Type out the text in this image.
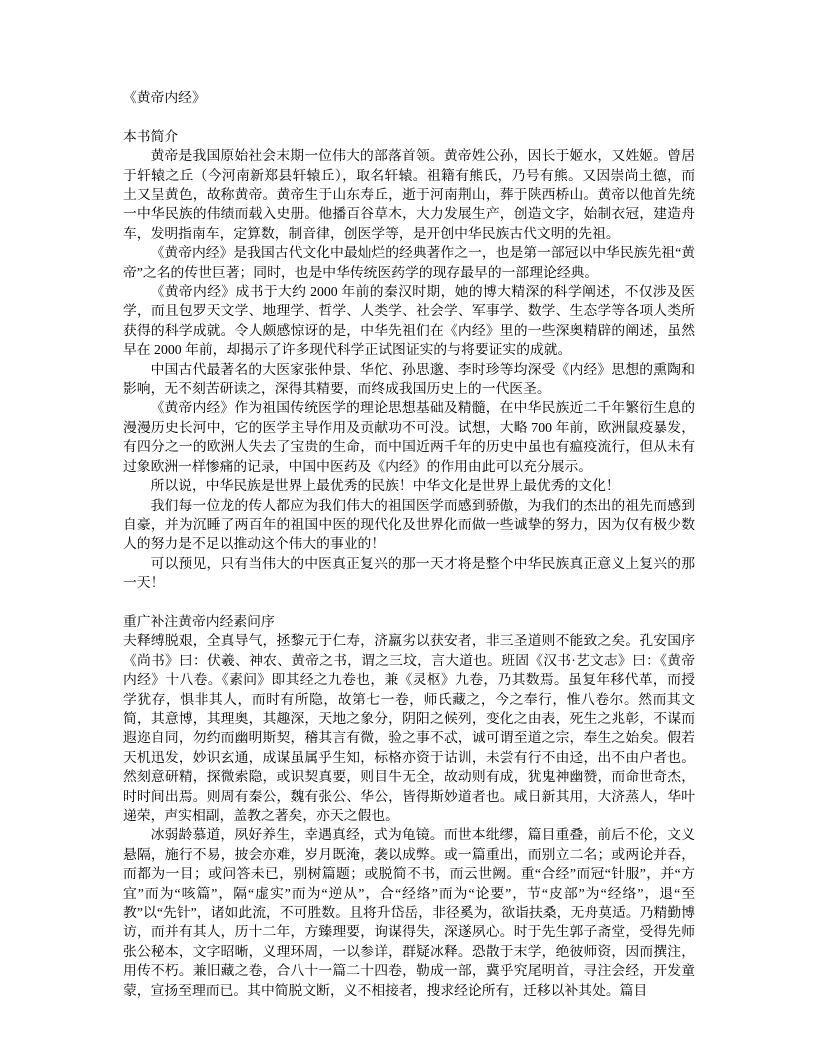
《黄帝内经》

本书简介

黄帝是我国原始社会末期一位伟大的部落首领。黄帝姓公孙，因长于姬水，又姓姬。曾居于轩辕之丘（今河南新郑县轩辕丘），取名轩辕。祖籍有熊氏，乃号有熊。又因崇尚土德，而土又呈黄色，故称黄帝。黄帝生于山东寿丘，逝于河南荆山，葬于陕西桥山。黄帝以他首先统一中华民族的伟绩而载入史册。他播百谷草木，大力发展生产，创造文字，始制衣冠，建造舟车，发明指南车，定算数，制音律，创医学等，是开创中华民族古代文明的先祖。

《黄帝内经》是我国古代文化中最灿烂的经典著作之一，也是第一部冠以中华民族先祖“黄帝”之名的传世巨著；同时，也是中华传统医药学的现存最早的一部理论经典。

《黄帝内经》成书于大约 2000 年前的秦汉时期，她的博大精深的科学阐述，不仅涉及医学，而且包罗天文学、地理学、哲学、人类学、社会学、军事学、数学、生态学等各项人类所获得的科学成就。令人颇感惊讶的是，中华先祖们在《内经》里的一些深奥精辟的阐述，虽然早在 2000 年前，却揭示了许多现代科学正试图证实的与将要证实的成就。

中国古代最著名的大医家张仲景、华佗、孙思邈、李时珍等均深受《内经》思想的熏陶和影响，无不刻苦研读之，深得其精要，而终成我国历史上的一代医圣。

《黄帝内经》作为祖国传统医学的理论思想基础及精髓，在中华民族近二千年繁衍生息的漫漫历史长河中，它的医学主导作用及贡献功不可没。试想，大略 700 年前，欧洲鼠疫暴发，有四分之一的欧洲人失去了宝贵的生命，而中国近两千年的历史中虽也有瘟疫流行，但从未有过象欧洲一样惨痛的记录，中国中医药及《内经》的作用由此可以充分展示。

所以说，中华民族是世界上最优秀的民族！中华文化是世界上最优秀的文化！

我们每一位龙的传人都应为我们伟大的祖国医学而感到骄傲，为我们的杰出的祖先而感到自豪，并为沉睡了两百年的祖国中医的现代化及世界化而做一些诚挚的努力，因为仅有极少数人的努力是不足以推动这个伟大的事业的！

可以预见，只有当伟大的中医真正复兴的那一天才将是整个中华民族真正意义上复兴的那一天！

重广补注黄帝内经素问序

夫释缚脱艰，全真导气，拯黎元于仁寿，济羸劣以获安者，非三圣道则不能致之矣。孔安国序《尚书》曰：伏羲、神农、黄帝之书，谓之三坟，言大道也。班固《汉书·艺文志》曰：《黄帝内经》十八卷。《素问》即其经之九卷也，兼《灵枢》九卷，乃其数焉。虽复年移代革，而授学犹存，惧非其人，而时有所隐，故第七一卷，师氏藏之，今之奉行，惟八卷尔。然而其文简，其意博，其理奥，其趣深，天地之象分，阴阳之候列，变化之由表，死生之兆彰，不谋而遐迩自同，勿约而幽明斯契，稽其言有微，验之事不忒，诚可谓至道之宗，奉生之始矣。假若天机迅发，妙识玄通，成谋虽属乎生知，标格亦资于诂训，未尝有行不由迳，出不由户者也。然刻意研精，探微索隐，或识契真要，则目牛无全，故动则有成，犹鬼神幽赞，而命世奇杰，时时间出焉。则周有秦公，魏有张公、华公，皆得斯妙道者也。咸日新其用，大济蒸人，华叶递荣，声实相副，盖教之著矣，亦天之假也。

冰弱龄慕道，夙好养生，幸遇真经，式为龟镜。而世本纰缪，篇目重叠，前后不伦，文义悬隔，施行不易，披会亦难，岁月既淹，袭以成弊。或一篇重出，而别立二名；或两论并吞，而都为一目；或问答未已，别树篇题；或脱简不书，而云世阙。重“合经”而冠“针服”，并“方宜”而为“咳篇”，隔“虚实”而为“逆从”，合“经络”而为“论要”，节“皮部”为“经络”，退“至教”以“先针”，诸如此流，不可胜数。且将升岱岳，非径奚为，欲诣扶桑，无舟莫适。乃精勤博访，而并有其人，历十二年，方臻理要，询谋得失，深遂夙心。时于先生郭子斋堂，受得先师张公秘本，文字昭晰，义理环周，一以参详，群疑冰释。恐散于末学，绝彼师资，因而撰注，用传不朽。兼旧藏之卷，合八十一篇二十四卷，勒成一部，冀乎究尾明首，寻注会经，开发童蒙，宣扬至理而已。其中简脱文断，义不相接者，搜求经论所有，迁移以补其处。篇目
